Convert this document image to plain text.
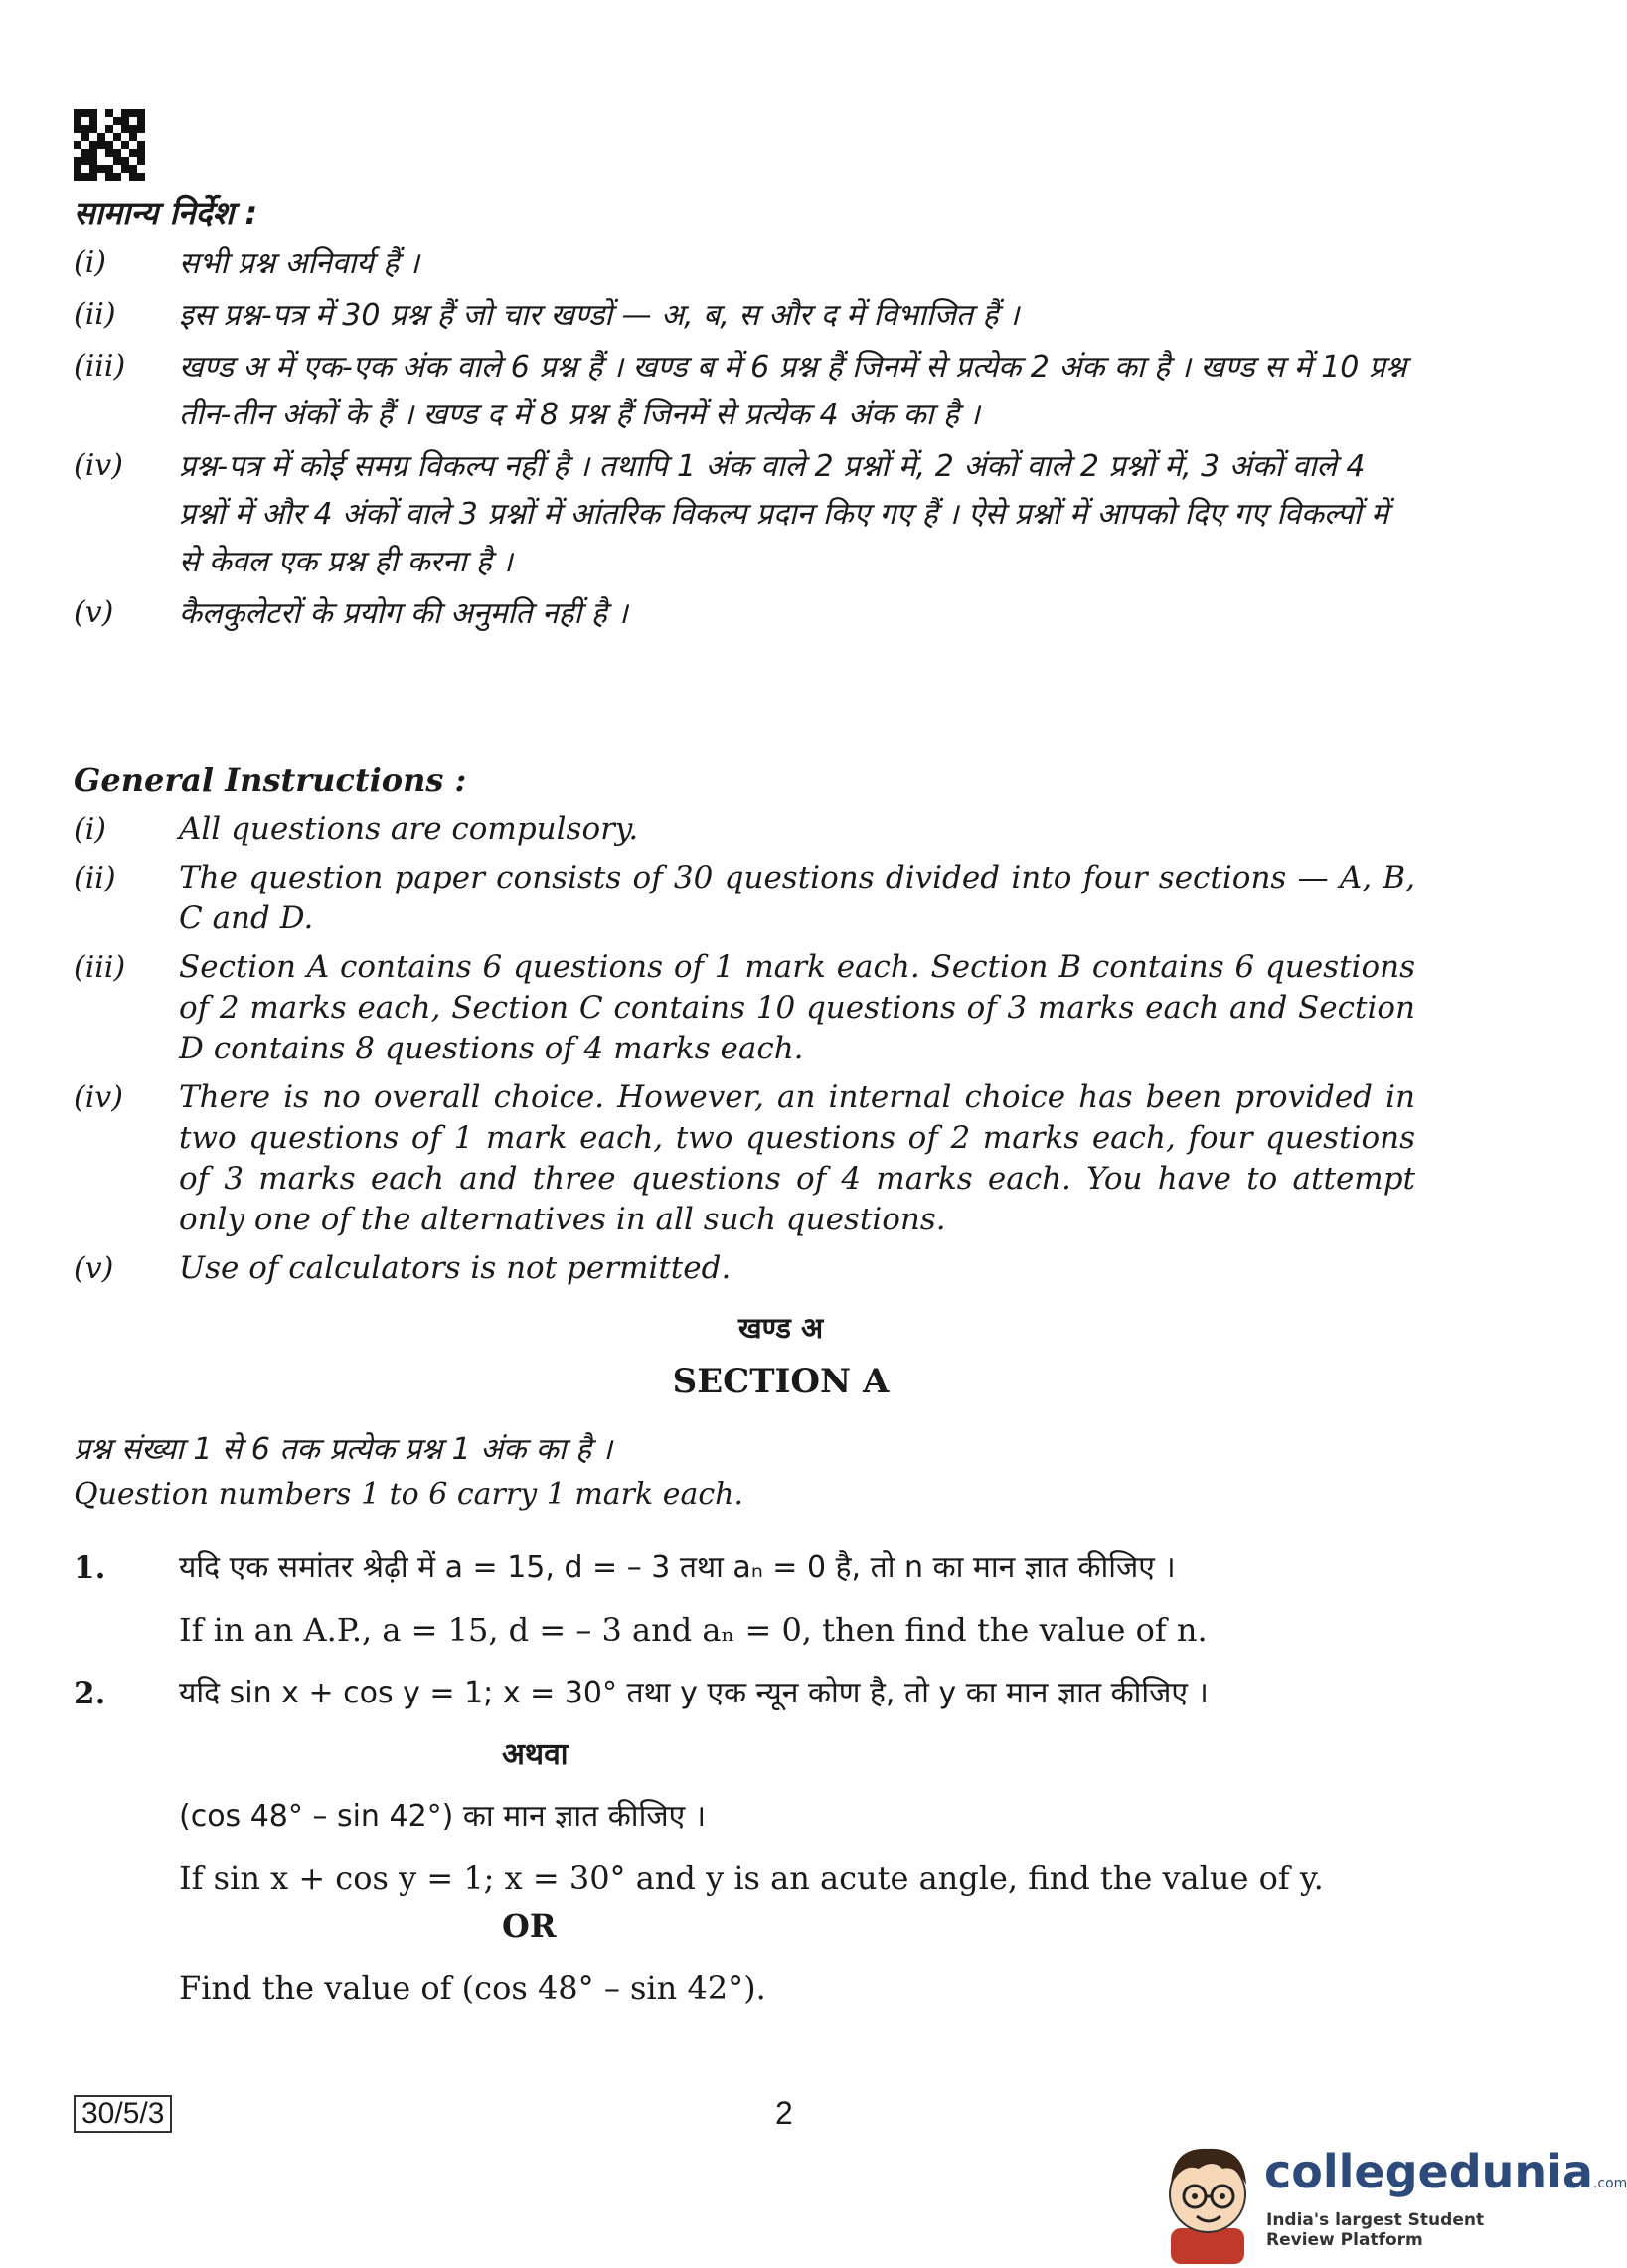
सामान्य निर्देश :
(i)	सभी प्रश्न अनिवार्य हैं ।
(ii)	इस प्रश्न-पत्र में 30 प्रश्न हैं जो चार खण्डों — अ, ब, स और द में विभाजित हैं ।
(iii)	खण्ड अ में एक-एक अंक वाले 6 प्रश्न हैं । खण्ड ब में 6 प्रश्न हैं जिनमें से प्रत्येक 2 अंक का है । खण्ड स में 10 प्रश्न तीन-तीन अंकों के हैं । खण्ड द में 8 प्रश्न हैं जिनमें से प्रत्येक 4 अंक का है ।
(iv)	प्रश्न-पत्र में कोई समग्र विकल्प नहीं है । तथापि 1 अंक वाले 2 प्रश्नों में, 2 अंकों वाले 2 प्रश्नों में, 3 अंकों वाले 4 प्रश्नों में और 4 अंकों वाले 3 प्रश्नों में आंतरिक विकल्प प्रदान किए गए हैं । ऐसे प्रश्नों में आपको दिए गए विकल्पों में से केवल एक प्रश्न ही करना है ।
(v)	कैलकुलेटरों के प्रयोग की अनुमति नहीं है ।
General Instructions :
(i)	All questions are compulsory.
(ii)	The question paper consists of 30 questions divided into four sections — A, B, C and D.
(iii)	Section A contains 6 questions of 1 mark each. Section B contains 6 questions of 2 marks each, Section C contains 10 questions of 3 marks each and Section D contains 8 questions of 4 marks each.
(iv)	There is no overall choice. However, an internal choice has been provided in two questions of 1 mark each, two questions of 2 marks each, four questions of 3 marks each and three questions of 4 marks each. You have to attempt only one of the alternatives in all such questions.
(v)	Use of calculators is not permitted.
खण्ड अ
SECTION A
प्रश्न संख्या 1 से 6 तक प्रत्येक प्रश्न 1 अंक का है ।
Question numbers 1 to 6 carry 1 mark each.
1.	यदि एक समांतर श्रेढ़ी में a = 15, d = – 3 तथा aₙ = 0 है, तो n का मान ज्ञात कीजिए ।
If in an A.P., a = 15, d = – 3 and aₙ = 0, then find the value of n.
2.	यदि sin x + cos y = 1; x = 30° तथा y एक न्यून कोण है, तो y का मान ज्ञात कीजिए ।
अथवा
(cos 48° – sin 42°) का मान ज्ञात कीजिए ।
If sin x + cos y = 1; x = 30° and y is an acute angle, find the value of y.
OR
Find the value of (cos 48° – sin 42°).
30/5/3	2
collegedunia.com
India's largest Student Review Platform
